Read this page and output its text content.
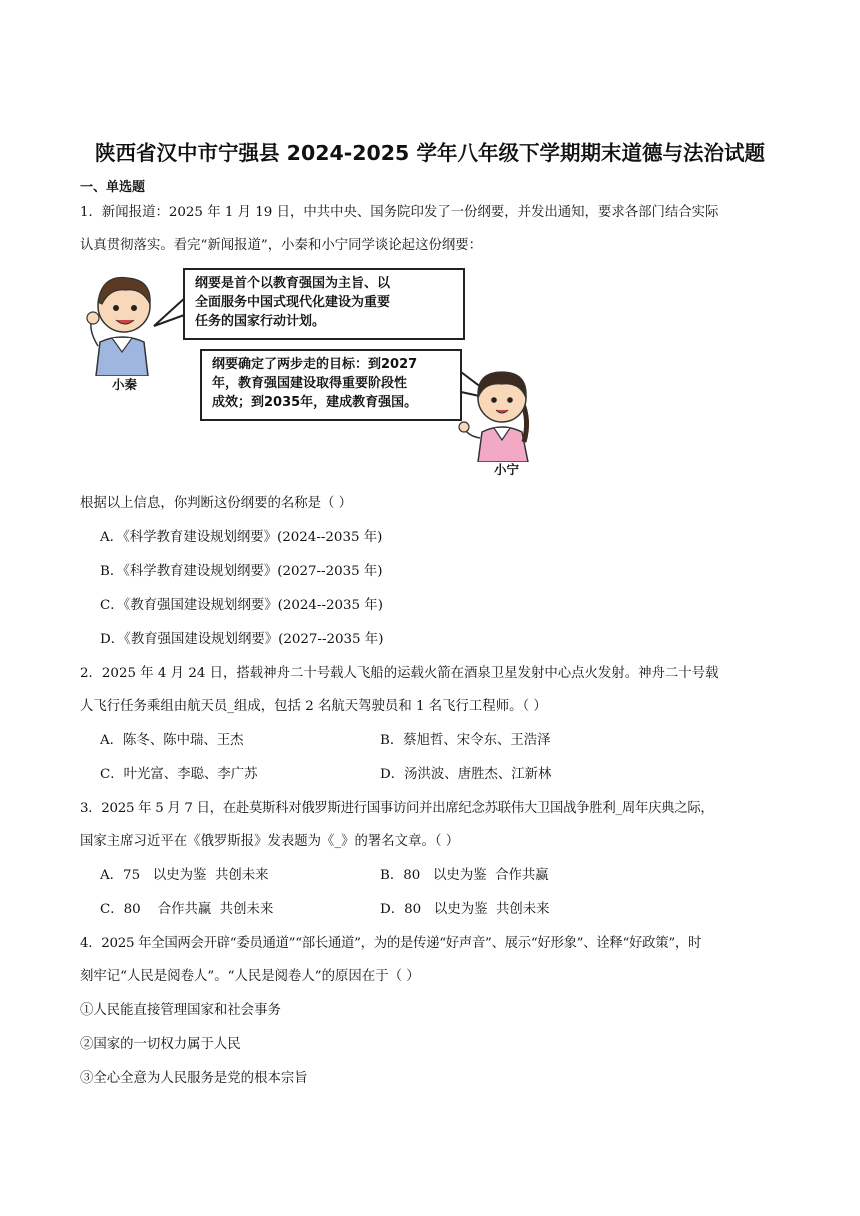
陕西省汉中市宁强县 2024-2025 学年八年级下学期期末道德与法治试题
一、单选题
1．新闻报道：2025 年 1 月 19 日，中共中央、国务院印发了一份纲要，并发出通知，要求各部门结合实际
认真贯彻落实。看完“新闻报道”，小秦和小宁同学谈论起这份纲要：
小秦
纲要是首个以教育强国为主旨、以
全面服务中国式现代化建设为重要
任务的国家行动计划。
纲要确定了两步走的目标：到2027
年，教育强国建设取得重要阶段性
成效；到2035年，建成教育强国。
小宁
根据以上信息，你判断这份纲要的名称是（ ）
A．《科学教育建设规划纲要》(2024--2035 年)
B．《科学教育建设规划纲要》(2027--2035 年)
C．《教育强国建设规划纲要》(2024--2035 年)
D．《教育强国建设规划纲要》(2027--2035 年)
2．2025 年 4 月 24 日，搭载神舟二十号载人飞船的运载火箭在酒泉卫星发射中心点火发射。神舟二十号载
人飞行任务乘组由航天员_组成，包括 2 名航天驾驶员和 1 名飞行工程师。（ ）
A．陈冬、陈中瑞、王杰	B．蔡旭哲、宋令东、王浩泽
C．叶光富、李聪、李广苏	D．汤洪波、唐胜杰、江新林
3．2025 年 5 月 7 日，在赴莫斯科对俄罗斯进行国事访问并出席纪念苏联伟大卫国战争胜利_周年庆典之际，
国家主席习近平在《俄罗斯报》发表题为《_》的署名文章。（ ）
A．75   以史为鉴  共创未来	B．80   以史为鉴  合作共赢
C．80    合作共赢  共创未来	D．80   以史为鉴  共创未来
4．2025 年全国两会开辟“委员通道”“部长通道”，为的是传递“好声音”、展示“好形象”、诠释“好政策”，时
刻牢记“人民是阅卷人”。“人民是阅卷人”的原因在于（ ）
①人民能直接管理国家和社会事务
②国家的一切权力属于人民
③全心全意为人民服务是党的根本宗旨
